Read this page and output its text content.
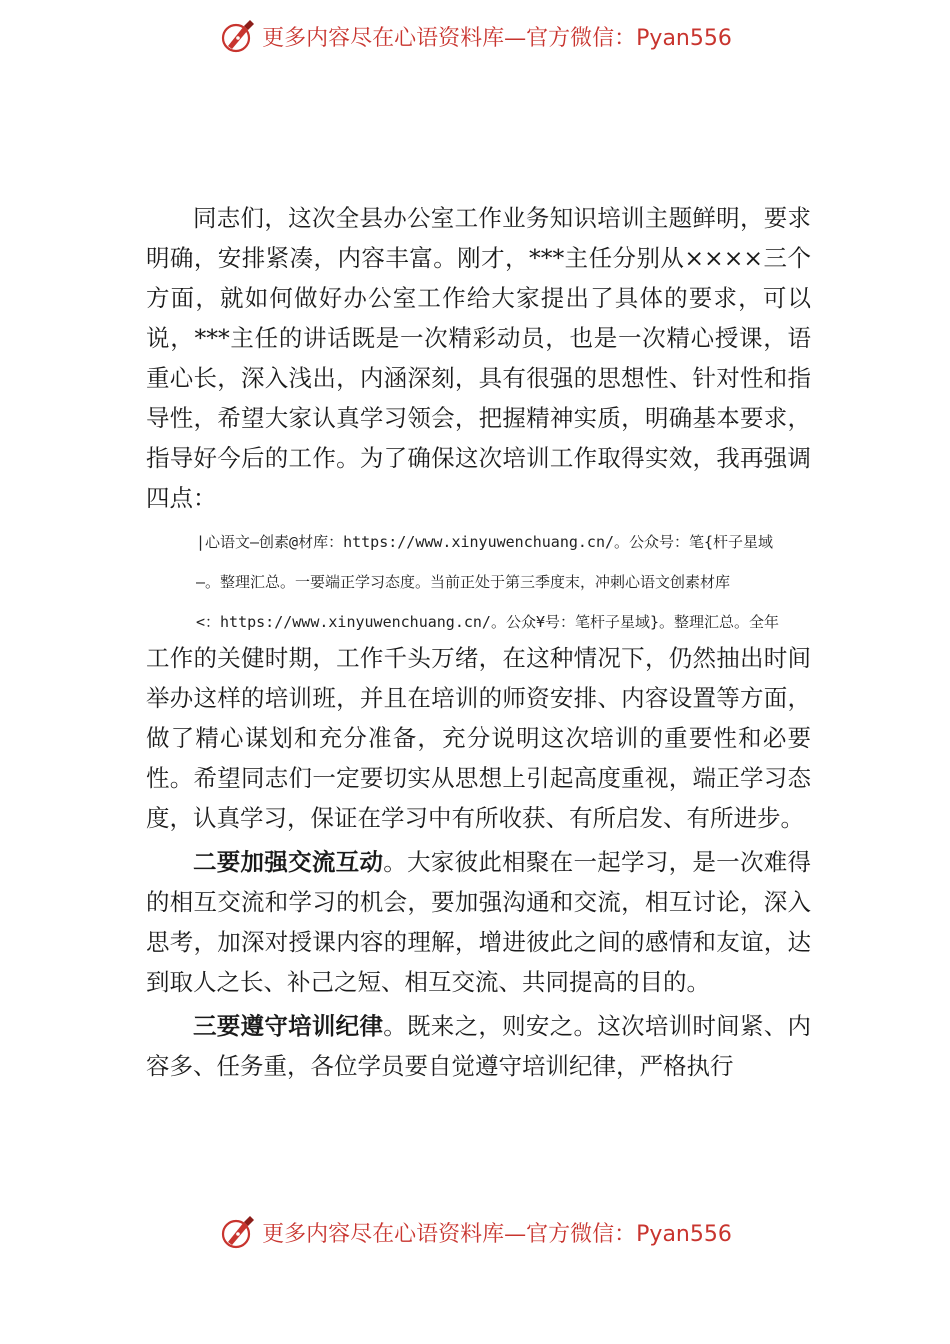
更多内容尽在心语资料库—官方微信：Pyan556

同志们，这次全县办公室工作业务知识培训主题鲜明，要求明确，安排紧凑，内容丰富。刚才，***主任分别从××××三个方面，就如何做好办公室工作给大家提出了具体的要求，可以说，***主任的讲话既是一次精彩动员，也是一次精心授课，语重心长，深入浅出，内涵深刻，具有很强的思想性、针对性和指导性，希望大家认真学习领会，把握精神实质，明确基本要求，指导好今后的工作。为了确保这次培训工作取得实效，我再强调四点：

|心语文—创素@材库：https://www.xinyuwenchuang.cn/。公众号：笔{杆子星域
—。整理汇总。一要端正学习态度。当前正处于第三季度末，冲刺心语文创素材库
<：https://www.xinyuwenchuang.cn/。公众¥号：笔杆子星域}。整理汇总。全年

工作的关健时期，工作千头万绪，在这种情况下，仍然抽出时间举办这样的培训班，并且在培训的师资安排、内容设置等方面，做了精心谋划和充分准备，充分说明这次培训的重要性和必要性。希望同志们一定要切实从思想上引起高度重视，端正学习态度，认真学习，保证在学习中有所收获、有所启发、有所进步。

二要加强交流互动。大家彼此相聚在一起学习，是一次难得的相互交流和学习的机会，要加强沟通和交流，相互讨论，深入思考，加深对授课内容的理解，增进彼此之间的感情和友谊，达到取人之长、补己之短、相互交流、共同提高的目的。

三要遵守培训纪律。既来之，则安之。这次培训时间紧、内容多、任务重，各位学员要自觉遵守培训纪律，严格执行

更多内容尽在心语资料库—官方微信：Pyan556
